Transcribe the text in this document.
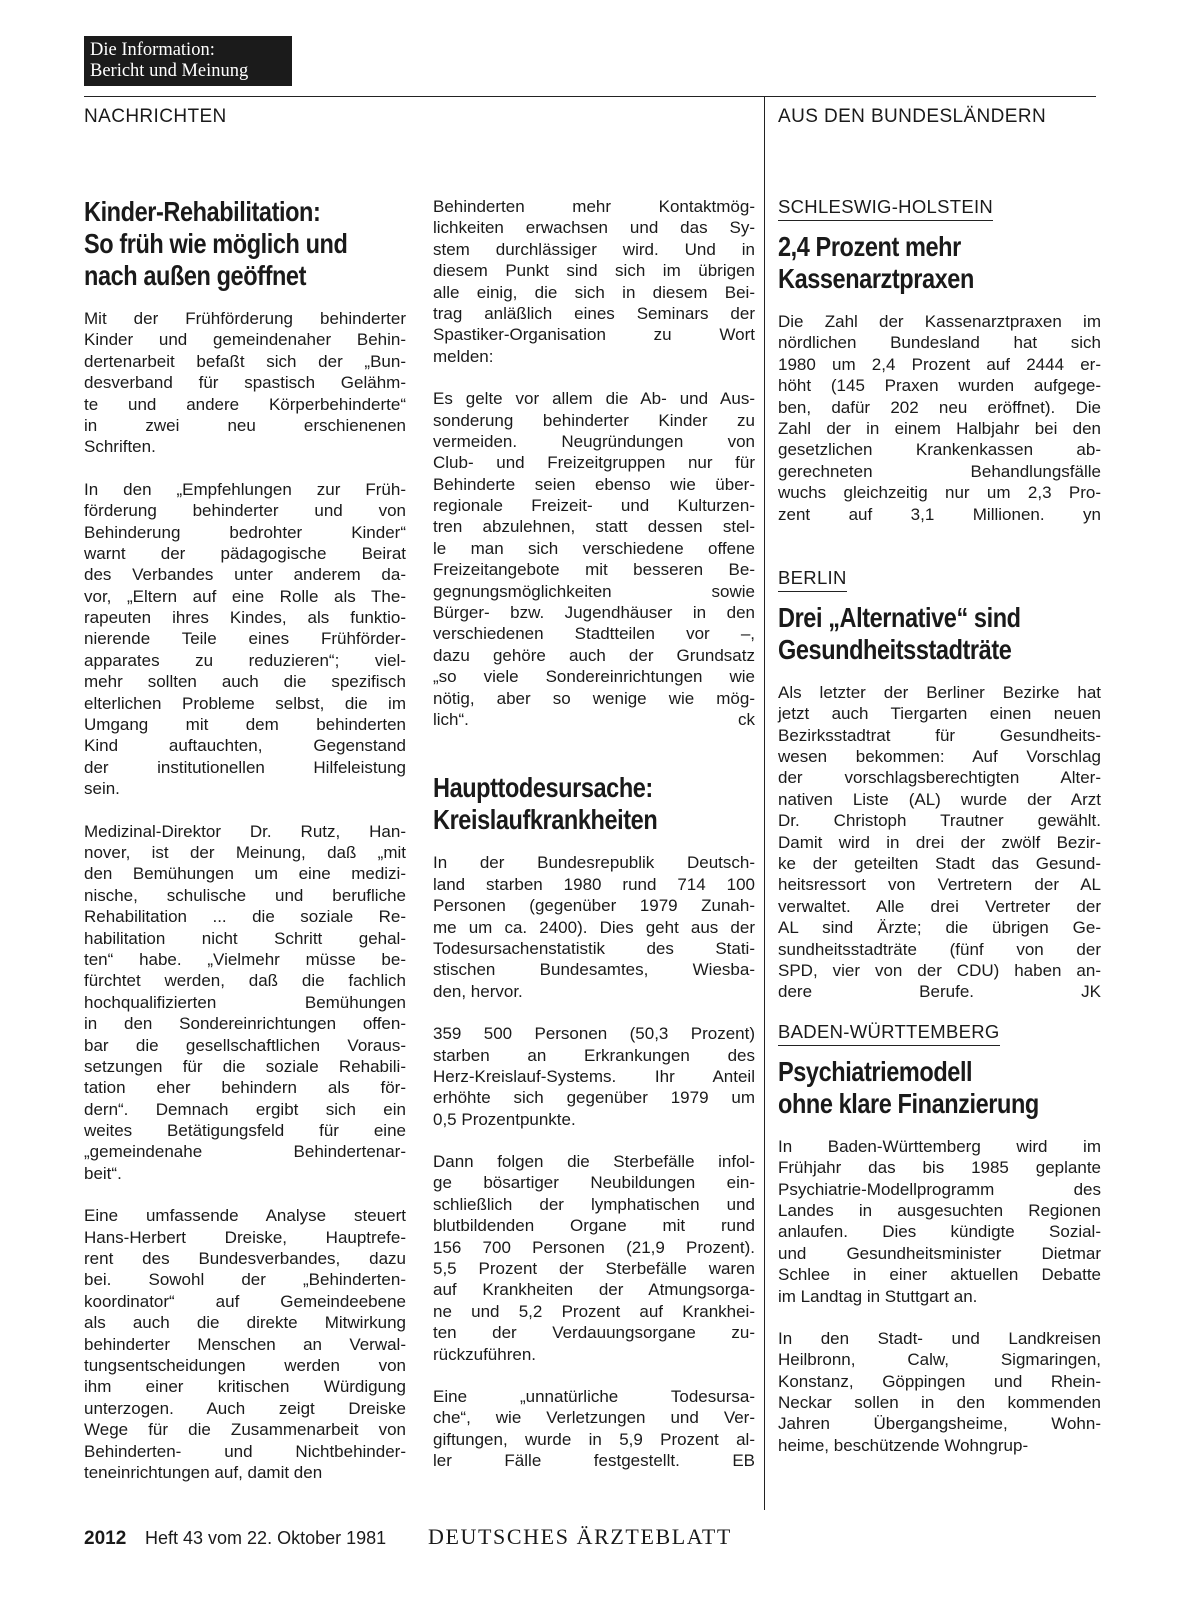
Die Information:
Bericht und Meinung
NACHRICHTEN	AUS DEN BUNDESLÄNDERN
Kinder-Rehabilitation:
So früh wie möglich und
nach außen geöffnet
Mit der Frühförderung behinderter
Kinder und gemeindenaher Behin-
dertenarbeit befaßt sich der „Bun-
desverband für spastisch Gelähm-
te und andere Körperbehinderte“
in zwei neu erschienenen
Schriften.
In den „Empfehlungen zur Früh-
förderung behinderter und von
Behinderung bedrohter Kinder“
warnt der pädagogische Beirat
des Verbandes unter anderem da-
vor, „Eltern auf eine Rolle als The-
rapeuten ihres Kindes, als funktio-
nierende Teile eines Frühförder-
apparates zu reduzieren“; viel-
mehr sollten auch die spezifisch
elterlichen Probleme selbst, die im
Umgang mit dem behinderten
Kind auftauchten, Gegenstand
der institutionellen Hilfeleistung
sein.
Medizinal-Direktor Dr. Rutz, Han-
nover, ist der Meinung, daß „mit
den Bemühungen um eine medizi-
nische, schulische und berufliche
Rehabilitation ... die soziale Re-
habilitation nicht Schritt gehal-
ten“ habe. „Vielmehr müsse be-
fürchtet werden, daß die fachlich
hochqualifizierten Bemühungen
in den Sondereinrichtungen offen-
bar die gesellschaftlichen Voraus-
setzungen für die soziale Rehabili-
tation eher behindern als för-
dern“. Demnach ergibt sich ein
weites Betätigungsfeld für eine
„gemeindenahe Behindertenar-
beit“.
Eine umfassende Analyse steuert
Hans-Herbert Dreiske, Hauptrefe-
rent des Bundesverbandes, dazu
bei. Sowohl der „Behinderten-
koordinator“ auf Gemeindeebene
als auch die direkte Mitwirkung
behinderter Menschen an Verwal-
tungsentscheidungen werden von
ihm einer kritischen Würdigung
unterzogen. Auch zeigt Dreiske
Wege für die Zusammenarbeit von
Behinderten- und Nichtbehinder-
teneinrichtungen auf, damit den
Behinderten mehr Kontaktmög-
lichkeiten erwachsen und das Sy-
stem durchlässiger wird. Und in
diesem Punkt sind sich im übrigen
alle einig, die sich in diesem Bei-
trag anläßlich eines Seminars der
Spastiker-Organisation zu Wort
melden:
Es gelte vor allem die Ab- und Aus-
sonderung behinderter Kinder zu
vermeiden. Neugründungen von
Club- und Freizeitgruppen nur für
Behinderte seien ebenso wie über-
regionale Freizeit- und Kulturzen-
tren abzulehnen, statt dessen stel-
le man sich verschiedene offene
Freizeitangebote mit besseren Be-
gegnungsmöglichkeiten sowie
Bürger- bzw. Jugendhäuser in den
verschiedenen Stadtteilen vor –,
dazu gehöre auch der Grundsatz
„so viele Sondereinrichtungen wie
nötig, aber so wenige wie mög-
lich“. ck
Haupttodesursache:
Kreislaufkrankheiten
In der Bundesrepublik Deutsch-
land starben 1980 rund 714 100
Personen (gegenüber 1979 Zunah-
me um ca. 2400). Dies geht aus der
Todesursachenstatistik des Stati-
stischen Bundesamtes, Wiesba-
den, hervor.
359 500 Personen (50,3 Prozent)
starben an Erkrankungen des
Herz-Kreislauf-Systems. Ihr Anteil
erhöhte sich gegenüber 1979 um
0,5 Prozentpunkte.
Dann folgen die Sterbefälle infol-
ge bösartiger Neubildungen ein-
schließlich der lymphatischen und
blutbildenden Organe mit rund
156 700 Personen (21,9 Prozent).
5,5 Prozent der Sterbefälle waren
auf Krankheiten der Atmungsorga-
ne und 5,2 Prozent auf Krankhei-
ten der Verdauungsorgane zu-
rückzuführen.
Eine „unnatürliche Todesursa-
che“, wie Verletzungen und Ver-
giftungen, wurde in 5,9 Prozent al-
ler Fälle festgestellt. EB
SCHLESWIG-HOLSTEIN
2,4 Prozent mehr
Kassenarztpraxen
Die Zahl der Kassenarztpraxen im
nördlichen Bundesland hat sich
1980 um 2,4 Prozent auf 2444 er-
höht (145 Praxen wurden aufgege-
ben, dafür 202 neu eröffnet). Die
Zahl der in einem Halbjahr bei den
gesetzlichen Krankenkassen ab-
gerechneten Behandlungsfälle
wuchs gleichzeitig nur um 2,3 Pro-
zent auf 3,1 Millionen. yn
BERLIN
Drei „Alternative“ sind
Gesundheitsstadträte
Als letzter der Berliner Bezirke hat
jetzt auch Tiergarten einen neuen
Bezirksstadtrat für Gesundheits-
wesen bekommen: Auf Vorschlag
der vorschlagsberechtigten Alter-
nativen Liste (AL) wurde der Arzt
Dr. Christoph Trautner gewählt.
Damit wird in drei der zwölf Bezir-
ke der geteilten Stadt das Gesund-
heitsressort von Vertretern der AL
verwaltet. Alle drei Vertreter der
AL sind Ärzte; die übrigen Ge-
sundheitsstadträte (fünf von der
SPD, vier von der CDU) haben an-
dere Berufe. JK
BADEN-WÜRTTEMBERG
Psychiatriemodell
ohne klare Finanzierung
In Baden-Württemberg wird im
Frühjahr das bis 1985 geplante
Psychiatrie-Modellprogramm des
Landes in ausgesuchten Regionen
anlaufen. Dies kündigte Sozial-
und Gesundheitsminister Dietmar
Schlee in einer aktuellen Debatte
im Landtag in Stuttgart an.
In den Stadt- und Landkreisen
Heilbronn, Calw, Sigmaringen,
Konstanz, Göppingen und Rhein-
Neckar sollen in den kommenden
Jahren Übergangsheime, Wohn-
heime, beschützende Wohngrup-
2012 Heft 43 vom 22. Oktober 1981 DEUTSCHES ÄRZTEBLATT
